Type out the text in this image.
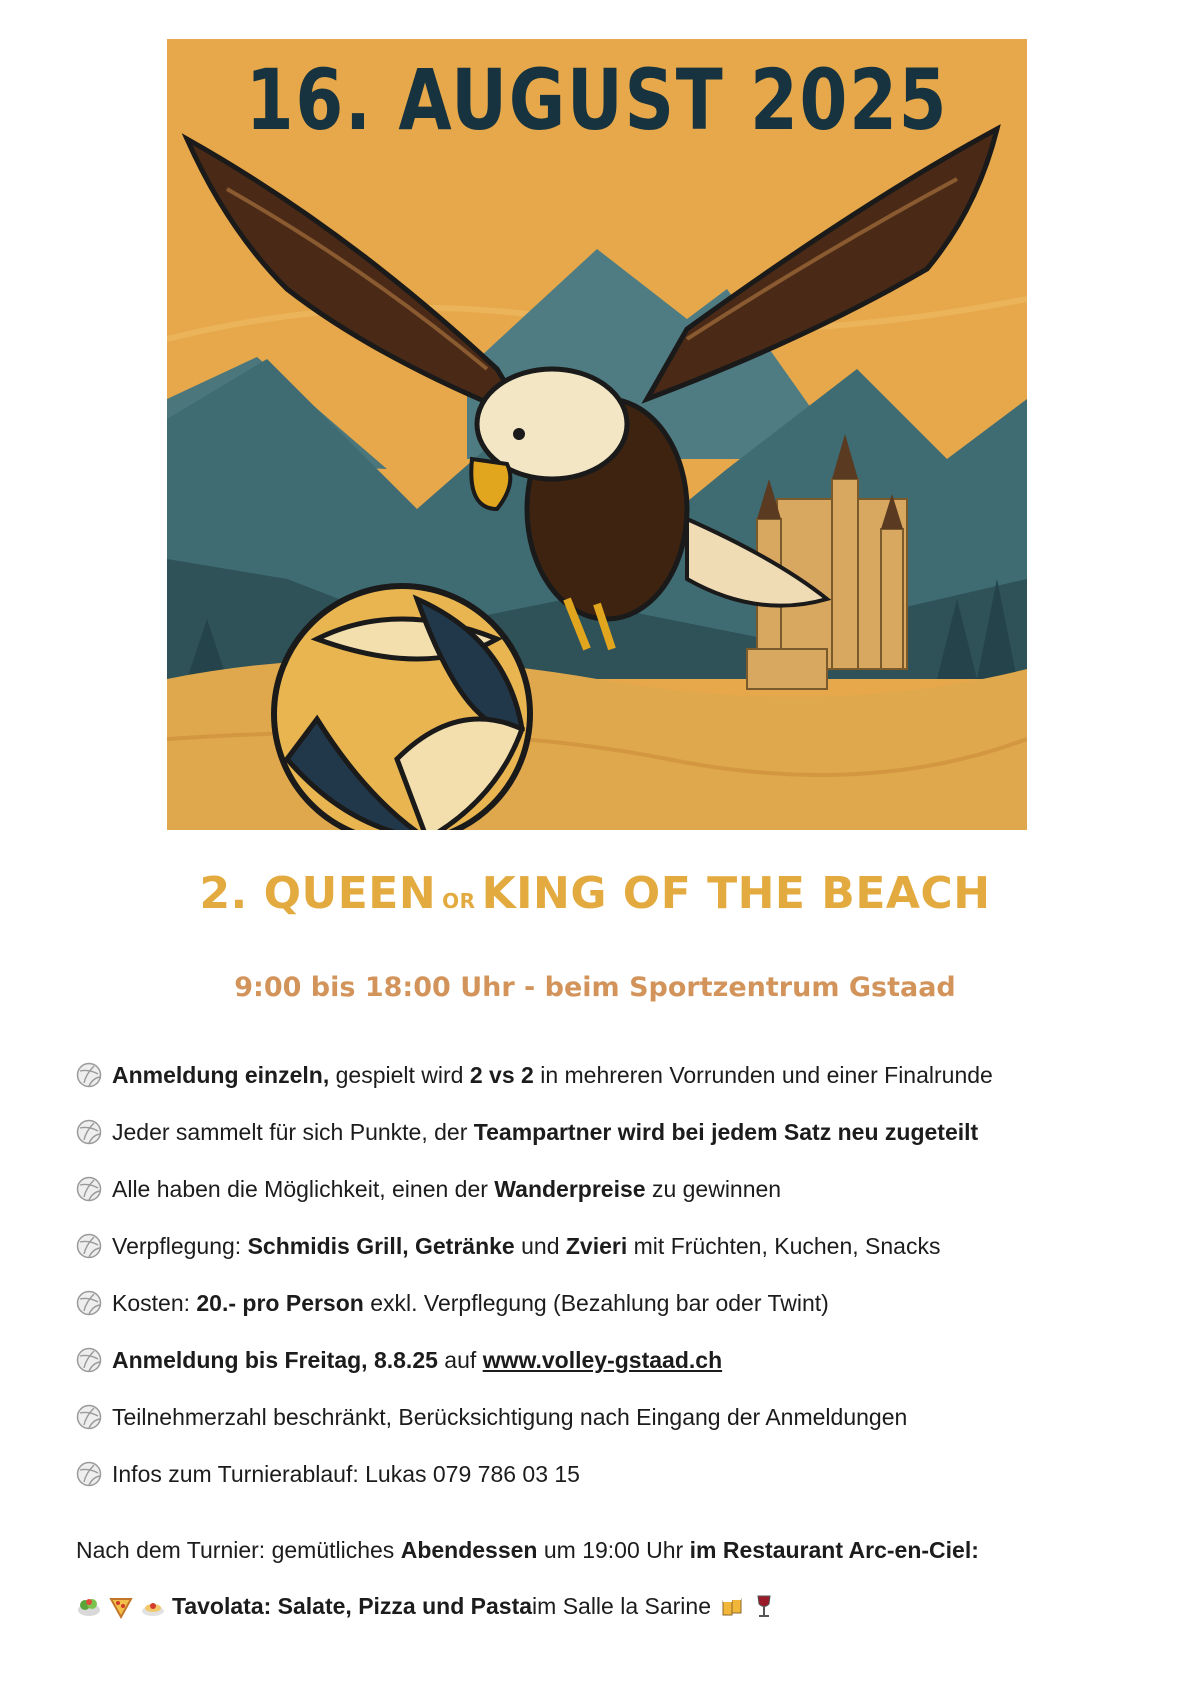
16. AUGUST 2025
2. QUEEN OR KING OF THE BEACH
9:00 bis 18:00 Uhr - beim Sportzentrum Gstaad
Anmeldung einzeln, gespielt wird 2 vs 2 in mehreren Vorrunden und einer Finalrunde
Jeder sammelt für sich Punkte, der Teampartner wird bei jedem Satz neu zugeteilt
Alle haben die Möglichkeit, einen der Wanderpreise zu gewinnen
Verpflegung: Schmidis Grill, Getränke und Zvieri mit Früchten, Kuchen, Snacks
Kosten: 20.- pro Person exkl. Verpflegung (Bezahlung bar oder Twint)
Anmeldung bis Freitag, 8.8.25 auf www.volley-gstaad.ch
Teilnehmerzahl beschränkt, Berücksichtigung nach Eingang der Anmeldungen
Infos zum Turnierablauf: Lukas 079 786 03 15
Nach dem Turnier: gemütliches Abendessen um 19:00 Uhr im Restaurant Arc-en-Ciel:
Tavolata: Salate, Pizza und Pasta im Salle la Sarine
